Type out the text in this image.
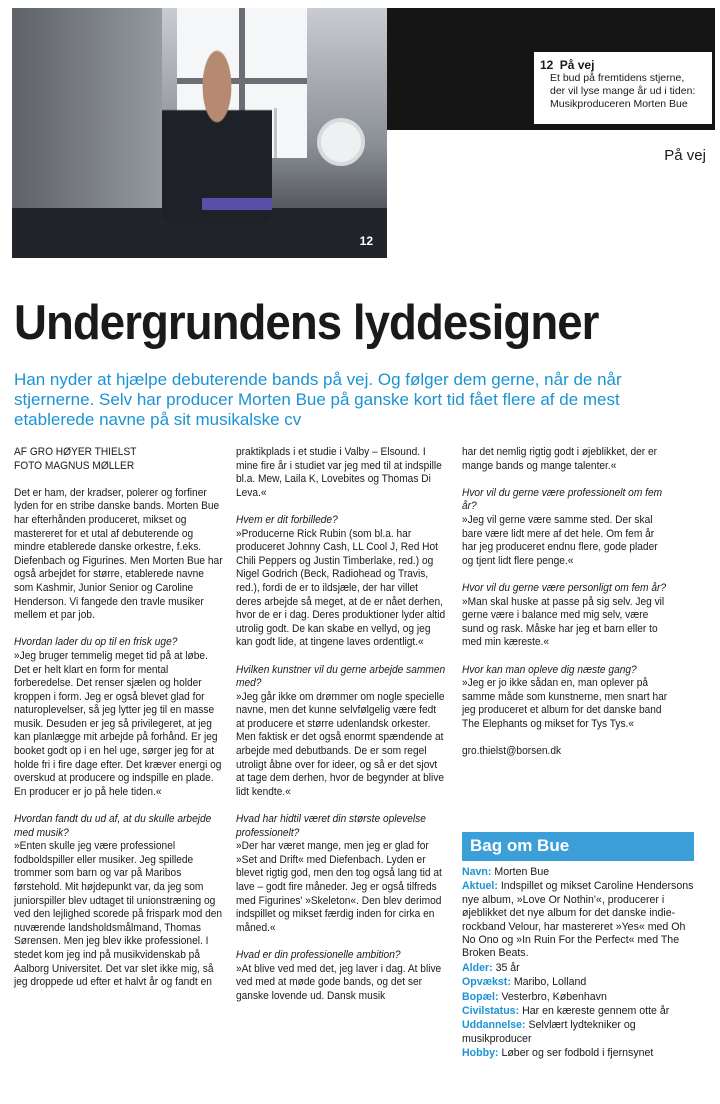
12
12 På vej
Et bud på fremtidens stjerne,
der vil lyse mange år ud i tiden:
Musikproduceren Morten Bue
På vej
Undergrundens lyddesigner
Han nyder at hjælpe debuterende bands på vej. Og følger dem gerne, når de når stjernerne. Selv har producer Morten Bue på ganske kort tid fået flere af de mest etablerede navne på sit musikalske cv
AF GRO HØYER THIELST
FOTO MAGNUS MØLLER

Det er ham, der kradser, polerer og forfiner lyden for en stribe danske bands. Morten Bue har efterhånden produceret, mikset og mastereret for et utal af debuterende og mindre etablerede danske orkestre, f.eks. Diefenbach og Figurines. Men Morten Bue har også arbejdet for større, etablerede navne som Kashmir, Junior Senior og Caroline Henderson. Vi fangede den travle musiker mellem et par job.

Hvordan lader du op til en frisk uge?

»Jeg bruger temmelig meget tid på at løbe. Det er helt klart en form for mental forberedelse. Det renser sjælen og holder kroppen i form. Jeg er også blevet glad for naturoplevelser, så jeg lytter jeg til en masse musik. Desuden er jeg så privilegeret, at jeg kan planlægge mit arbejde på forhånd. Er jeg booket godt op i en hel uge, sørger jeg for at holde fri i fire dage efter. Det kræver energi og overskud at producere og indspille en plade. En producer er jo på hele tiden.«

Hvordan fandt du ud af, at du skulle arbejde med musik?

»Enten skulle jeg være professionel fodboldspiller eller musiker. Jeg spillede trommer som barn og var på Maribos førstehold. Mit højdepunkt var, da jeg som juniorspiller blev udtaget til unionstræning og ved den lejlighed scorede på frispark mod den nuværende landsholdsmålmand, Thomas Sørensen. Men jeg blev ikke professionel. I stedet kom jeg ind på musikvidenskab på Aalborg Universitet. Det var slet ikke mig, så jeg droppede ud efter et halvt år og fandt en

praktikplads i et studie i Valby – Elsound. I mine fire år i studiet var jeg med til at indspille bl.a. Mew, Laila K, Lovebites og Thomas Di Leva.«

Hvem er dit forbillede?

»Producerne Rick Rubin (som bl.a. har produceret Johnny Cash, LL Cool J, Red Hot Chili Peppers og Justin Timberlake, red.) og Nigel Godrich (Beck, Radiohead og Travis, red.), fordi de er to ildsjæle, der har villet deres arbejde så meget, at de er nået derhen, hvor de er i dag. Deres produktioner lyder altid utrolig godt. De kan skabe en vellyd, og jeg kan godt lide, at tingene laves ordentligt.«

Hvilken kunstner vil du gerne arbejde sammen med?

»Jeg går ikke om drømmer om nogle specielle navne, men det kunne selvfølgelig være fedt at producere et større udenlandsk orkester. Men faktisk er det også enormt spændende at arbejde med debutbands. De er som regel utroligt åbne over for ideer, og så er det sjovt at tage dem derhen, hvor de begynder at blive lidt kendte.«

Hvad har hidtil været din største oplevelse professionelt?

»Der har været mange, men jeg er glad for »Set and Drift« med Diefenbach. Lyden er blevet rigtig god, men den tog også lang tid at lave – godt fire måneder. Jeg er også tilfreds med Figurines' »Skeleton«. Den blev derimod indspillet og mikset færdig inden for cirka en måned.«

Hvad er din professionelle ambition?

»At blive ved med det, jeg laver i dag. At blive ved med at møde gode bands, og det ser ganske lovende ud. Dansk musik

har det nemlig rigtig godt i øjeblikket, der er mange bands og mange talenter.«

Hvor vil du gerne være professionelt om fem år?

»Jeg vil gerne være samme sted. Der skal bare være lidt mere af det hele. Om fem år har jeg produceret endnu flere, gode plader og tjent lidt flere penge.«

Hvor vil du gerne være personligt om fem år?

»Man skal huske at passe på sig selv. Jeg vil gerne være i balance med mig selv, være sund og rask. Måske har jeg et barn eller to med min kæreste.«

Hvor kan man opleve dig næste gang?

»Jeg er jo ikke sådan en, man oplever på samme måde som kunstnerne, men snart har jeg produceret et album for det danske band The Elephants og mikset for Tys Tys.«

gro.thielst@borsen.dk

Bag om Bue
Navn: Morten Bue
Aktuel: Indspillet og mikset Caroline Hendersons nye album, »Love Or Nothin'«, producerer i øjeblikket det nye album for det danske indie-rockband Velour, har mastereret »Yes« med Oh No Ono og »In Ruin For the Perfect« med The Broken Beats.
Alder: 35 år
Opvækst: Maribo, Lolland
Bopæl: Vesterbro, København
Civilstatus: Har en kæreste gennem otte år
Uddannelse: Selvlært lydtekniker og musikproducer
Hobby: Løber og ser fodbold i fjernsynet
